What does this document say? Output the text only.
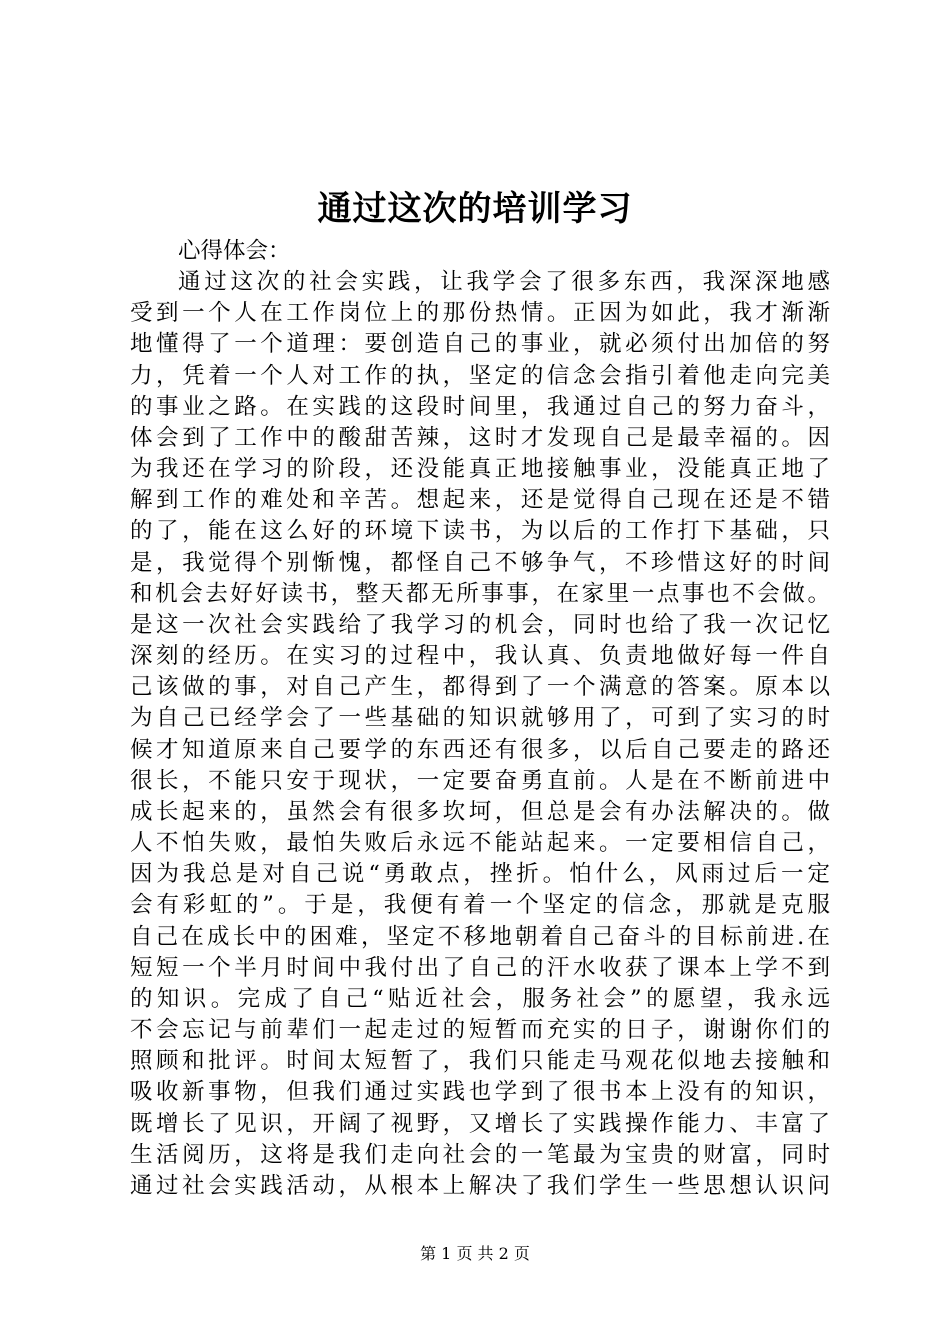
通过这次的培训学习
心得体会：
通过这次的社会实践，让我学会了很多东西，我深深地感
受到一个人在工作岗位上的那份热情。正因为如此，我才渐渐
地懂得了一个道理：要创造自己的事业，就必须付出加倍的努
力，凭着一个人对工作的执，坚定的信念会指引着他走向完美
的事业之路。在实践的这段时间里，我通过自己的努力奋斗，
体会到了工作中的酸甜苦辣，这时才发现自己是最幸福的。因
为我还在学习的阶段，还没能真正地接触事业，没能真正地了
解到工作的难处和辛苦。想起来，还是觉得自己现在还是不错
的了，能在这么好的环境下读书，为以后的工作打下基础，只
是，我觉得个别惭愧，都怪自己不够争气，不珍惜这好的时间
和机会去好好读书，整天都无所事事，在家里一点事也不会做。
是这一次社会实践给了我学习的机会，同时也给了我一次记忆
深刻的经历。在实习的过程中，我认真、负责地做好每一件自
己该做的事，对自己产生，都得到了一个满意的答案。原本以
为自己已经学会了一些基础的知识就够用了，可到了实习的时
候才知道原来自己要学的东西还有很多，以后自己要走的路还
很长，不能只安于现状，一定要奋勇直前。人是在不断前进中
成长起来的，虽然会有很多坎坷，但总是会有办法解决的。做
人不怕失败，最怕失败后永远不能站起来。一定要相信自己，
因为我总是对自己说“勇敢点，挫折。怕什么，风雨过后一定
会有彩虹的”。于是，我便有着一个坚定的信念，那就是克服
自己在成长中的困难，坚定不移地朝着自己奋斗的目标前进.在
短短一个半月时间中我付出了自己的汗水收获了课本上学不到
的知识。完成了自己“贴近社会，服务社会”的愿望，我永远
不会忘记与前辈们一起走过的短暂而充实的日子，谢谢你们的
照顾和批评。时间太短暂了，我们只能走马观花似地去接触和
吸收新事物，但我们通过实践也学到了很书本上没有的知识，
既增长了见识，开阔了视野，又增长了实践操作能力、丰富了
生活阅历，这将是我们走向社会的一笔最为宝贵的财富，同时
通过社会实践活动，从根本上解决了我们学生一些思想认识问
第 1 页 共 2 页
